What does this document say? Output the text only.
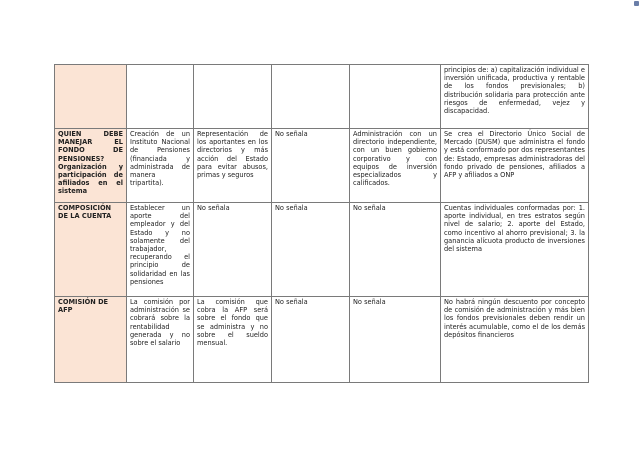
					principios de: a) capitalización individual e inversión unificada, productiva y rentable de los fondos previsionales; b) distribución solidaria para protección ante riesgos de enfermedad, vejez y discapacidad.
QUIEN DEBE MANEJAR EL FONDO DE PENSIONES? Organización y participación de afiliados en el sistema	Creación de un Instituto Nacional de Pensiones (financiada y administrada de manera tripartita).	Representación de los aportantes en los directorios y más acción del Estado para evitar abusos, primas y seguros	No señala	Administración con un directorio independiente, con un buen gobierno corporativo y con equipos de inversión especializados y calificados.	Se crea el Directorio Único Social de Mercado (DUSM) que administra el fondo y está conformado por dos representantes de: Estado, empresas administradoras del fondo privado de pensiones, afiliados a AFP y afiliados a ONP
COMPOSICIÓN DE LA CUENTA	Establecer un aporte del empleador y del Estado y no solamente del trabajador, recuperando el principio de solidaridad en las pensiones	No señala	No señala	No señala	Cuentas individuales conformadas por: 1. aporte individual, en tres estratos según nivel de salario; 2. aporte del Estado, como incentivo al ahorro previsional; 3. la ganancia alícuota producto de inversiones del sistema
COMISIÓN DE AFP	La comisión por administración se cobrará sobre la rentabilidad generada y no sobre el salario	La comisión que cobra la AFP será sobre el fondo que se administra y no sobre el sueldo mensual.	No señala	No señala	No habrá ningún descuento por concepto de comisión de administración y más bien los fondos previsionales deben rendir un interés acumulable, como el de los demás depósitos financieros
